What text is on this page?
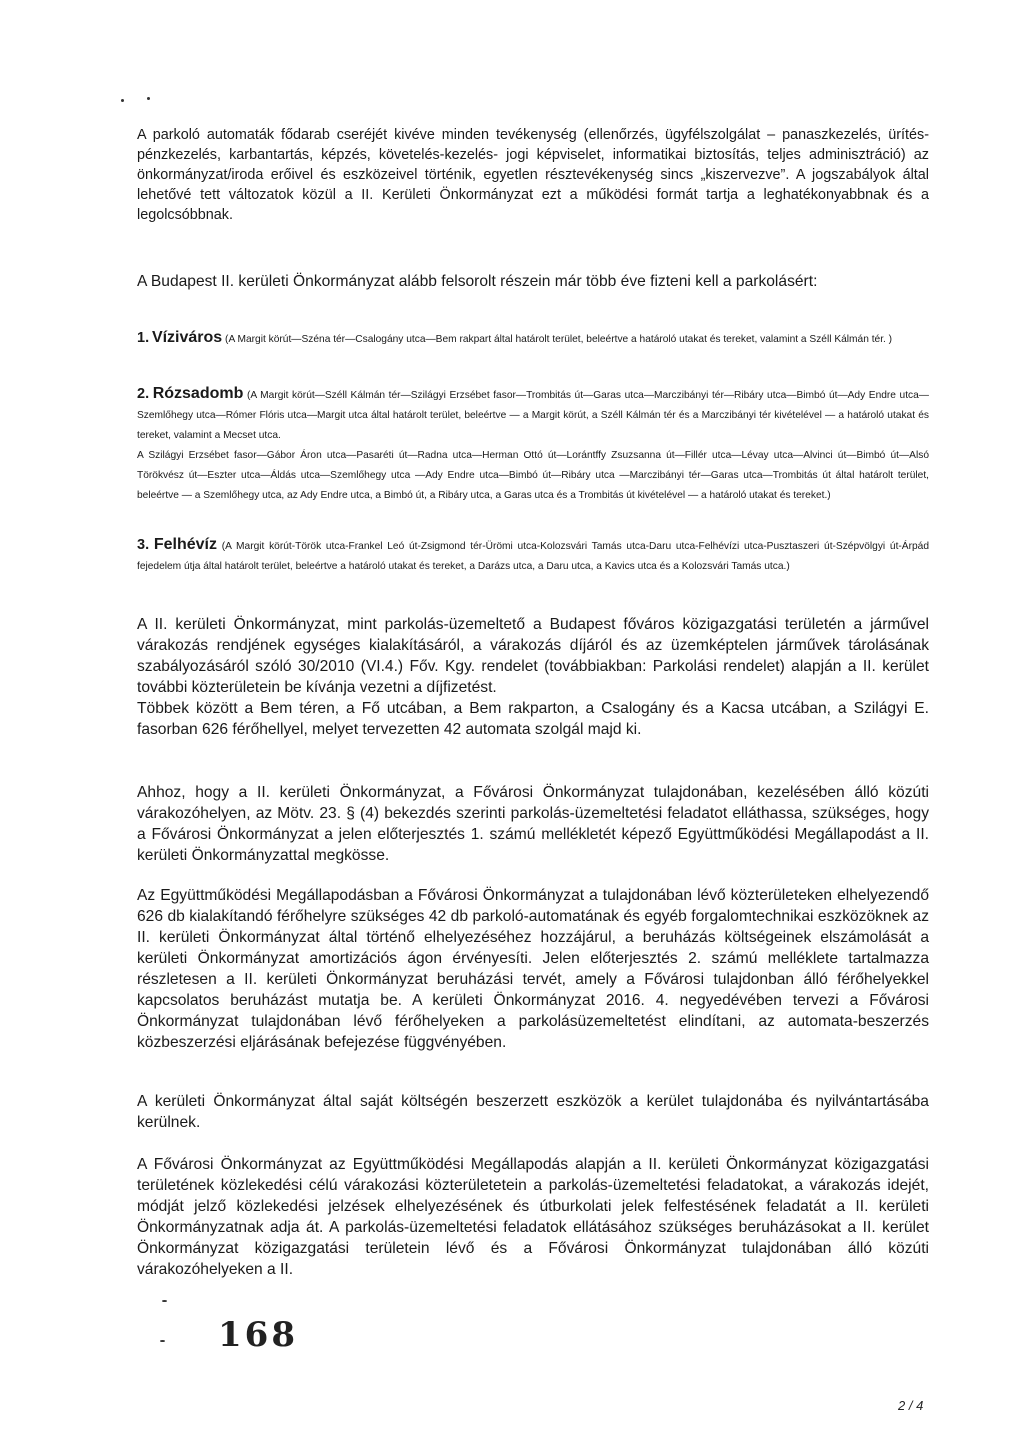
A parkoló automaták fődarab cseréjét kivéve minden tevékenység (ellenőrzés, ügyfélszolgálat – panaszkezelés, ürítés- pénzkezelés, karbantartás, képzés, követelés-kezelés- jogi képviselet, informatikai biztosítás, teljes adminisztráció) az önkormányzat/iroda erőivel és eszközeivel történik, egyetlen résztevékenység sincs „kiszervezve”. A jogszabályok által lehetővé tett változatok közül a II. Kerületi Önkormányzat ezt a működési formát tartja a leghatékonyabbnak és a legolcsóbbnak.

A Budapest II. kerületi Önkormányzat alább felsorolt részein már több éve fizteni kell a parkolásért:

1. Víziváros (A Margit körút—Széna tér—Csalogány utca—Bem rakpart által határolt terület, beleértve a határoló utakat és tereket, valamint a Széll Kálmán tér. )

2. Rózsadomb (A Margit körút—Széll Kálmán tér—Szilágyi Erzsébet fasor—Trombitás út—Garas utca—Marczibányi tér—Ribáry utca—Bimbó út—Ady Endre utca—Szemlőhegy utca—Rómer Flóris utca—Margit utca által határolt terület, beleértve — a Margit körút, a Széll Kálmán tér és a Marczibányi tér kivételével — a határoló utakat és tereket, valamint a Mecset utca.

A Szilágyi Erzsébet fasor—Gábor Áron utca—Pasaréti út—Radna utca—Herman Ottó út—Lorántffy Zsuzsanna út—Fillér utca—Lévay utca—Alvinci út—Bimbó út—Alsó Törökvész út—Eszter utca—Áldás utca—Szemlőhegy utca —Ady Endre utca—Bimbó út—Ribáry utca —Marczibányi tér—Garas utca—Trombitás út által határolt terület, beleértve — a Szemlőhegy utca, az Ady Endre utca, a Bimbó út, a Ribáry utca, a Garas utca és a Trombitás út kivételével — a határoló utakat és tereket.)

3. Felhévíz (A Margit körút-Török utca-Frankel Leó út-Zsigmond tér-Ürömi utca-Kolozsvári Tamás utca-Daru utca-Felhévízi utca-Pusztaszeri út-Szépvölgyi út-Árpád fejedelem útja által határolt terület, beleértve a határoló utakat és tereket, a Darázs utca, a Daru utca, a Kavics utca és a Kolozsvári Tamás utca.)

A II. kerületi Önkormányzat, mint parkolás-üzemeltető a Budapest főváros közigazgatási területén a járművel várakozás rendjének egységes kialakításáról, a várakozás díjáról és az üzemképtelen járművek tárolásának szabályozásáról szóló 30/2010 (VI.4.) Főv. Kgy. rendelet (továbbiakban: Parkolási rendelet) alapján a II. kerület további közterületein be kívánja vezetni a díjfizetést.

Többek között a Bem téren, a Fő utcában, a Bem rakparton, a Csalogány és a Kacsa utcában, a Szilágyi E. fasorban 626 férőhellyel, melyet tervezetten 42 automata szolgál majd ki.

Ahhoz, hogy a II. kerületi Önkormányzat, a Fővárosi Önkormányzat tulajdonában, kezelésében álló közúti várakozóhelyen, az Mötv. 23. § (4) bekezdés szerinti parkolás-üzemeltetési feladatot elláthassa, szükséges, hogy a Fővárosi Önkormányzat a jelen előterjesztés 1. számú mellékletét képező Együttműködési Megállapodást a II. kerületi Önkormányzattal megkösse.

Az Együttműködési Megállapodásban a Fővárosi Önkormányzat a tulajdonában lévő közterületeken elhelyezendő 626 db kialakítandó férőhelyre szükséges 42 db parkoló-automatának és egyéb forgalomtechnikai eszközöknek az II. kerületi Önkormányzat által történő elhelyezéséhez hozzájárul, a beruházás költségeinek elszámolását a kerületi Önkormányzat amortizációs ágon érvényesíti. Jelen előterjesztés 2. számú melléklete tartalmazza részletesen a II. kerületi Önkormányzat beruházási tervét, amely a Fővárosi tulajdonban álló férőhelyekkel kapcsolatos beruházást mutatja be. A kerületi Önkormányzat 2016. 4. negyedévében tervezi a Fővárosi Önkormányzat tulajdonában lévő férőhelyeken a parkolásüzemeltetést elindítani, az automata-beszerzés közbeszerzési eljárásának befejezése függvényében.

A kerületi Önkormányzat által saját költségén beszerzett eszközök a kerület tulajdonába és nyilvántartásába kerülnek.

A Fővárosi Önkormányzat az Együttműködési Megállapodás alapján a II. kerületi Önkormányzat közigazgatási területének közlekedési célú várakozási közterületetein a parkolás-üzemeltetési feladatokat, a várakozás idejét, módját jelző közlekedési jelzések elhelyezésének és útburkolati jelek felfestésének feladatát a II. kerületi Önkormányzatnak adja át. A parkolás-üzemeltetési feladatok ellátásához szükséges beruházásokat a II. kerület Önkormányzat közigazgatási területein lévő és a Fővárosi Önkormányzat tulajdonában álló közúti várakozóhelyeken a II.

168
2 / 4
